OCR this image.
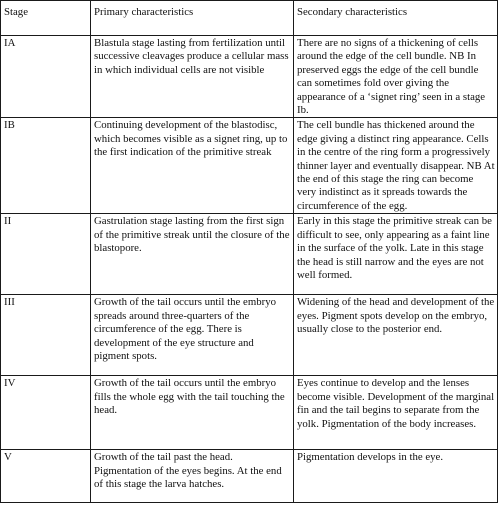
Stage	Primary characteristics	Secondary characteristics
IA	Blastula stage lasting from fertilization until successive cleavages produce a cellular mass in which individual cells are not visible	There are no signs of a thickening of cells around the edge of the cell bundle. NB In preserved eggs the edge of the cell bundle can sometimes fold over giving the appearance of a ‘signet ring’ seen in a stage Ib.
IB	Continuing development of the blastodisc, which becomes visible as a signet ring, up to the first indication of the primitive streak	The cell bundle has thickened around the edge giving a distinct ring appearance. Cells in the centre of the ring form a progressively thinner layer and eventually disappear. NB At the end of this stage the ring can become very indistinct as it spreads towards the circumference of the egg.
II	Gastrulation stage lasting from the first sign of the primitive streak until the closure of the blastopore.	Early in this stage the primitive streak can be difficult to see, only appearing as a faint line in the surface of the yolk. Late in this stage the head is still narrow and the eyes are not well formed.
III	Growth of the tail occurs until the embryo spreads around three-quarters of the circumference of the egg. There is development of the eye structure and pigment spots.	Widening of the head and development of the eyes. Pigment spots develop on the embryo, usually close to the posterior end.
IV	Growth of the tail occurs until the embryo fills the whole egg with the tail touching the head.	Eyes continue to develop and the lenses become visible. Development of the marginal fin and the tail begins to separate from the yolk. Pigmentation of the body increases.
V	Growth of the tail past the head. Pigmentation of the eyes begins. At the end of this stage the larva hatches.	Pigmentation develops in the eye.
